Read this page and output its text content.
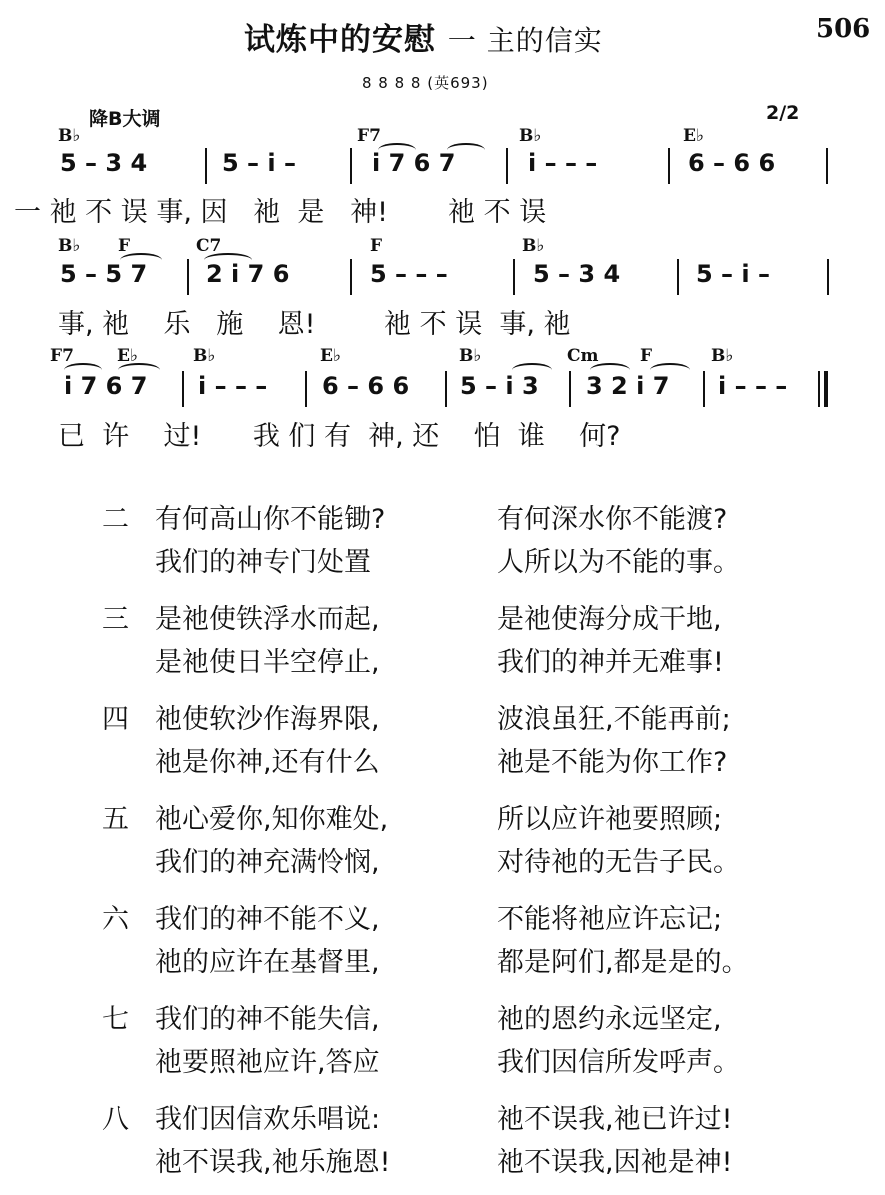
试炼中的安慰 一 主的信实	506
8 8 8 8 (英693)
降B大调	2/2
B♭	F7	B♭	E♭
5 – 3 4	5 – i –	i 7 6 7	i – – –	6 – 6 6
一 祂 不 误 事, 因   祂  是   神!       祂 不 误
B♭ F	C7	F	B♭
5 – 5 7 2 i 7 6	5 – – –	5 – 3 4	5 – i –
事, 祂    乐   施    恩!        祂 不 误  事, 祂
F7	E♭	B♭	E♭	B♭	Cm F	B♭
i 7 6 7 i – – – 6 – 6 6 5 – i 3 3 2 i 7 i – – –
已  许    过!      我 们 有  神, 还    怕  谁    何?
二 有何高山你不能锄?	有何深水你不能渡?
我们的神专门处置	人所以为不能的事。
三 是祂使铁浮水而起,	是祂使海分成干地,
是祂使日半空停止,	我们的神并无难事!
四 祂使软沙作海界限,	波浪虽狂,不能再前;
祂是你神,还有什么	祂是不能为你工作?
五 祂心爱你,知你难处,	所以应许祂要照顾;
我们的神充满怜悯,	对待祂的无告子民。
六 我们的神不能不义,	不能将祂应许忘记;
祂的应许在基督里,	都是阿们,都是是的。
七 我们的神不能失信,	祂的恩约永远坚定,
祂要照祂应许,答应	我们因信所发呼声。
八 我们因信欢乐唱说:	祂不误我,祂已许过!
祂不误我,祂乐施恩!	祂不误我,因祂是神!
